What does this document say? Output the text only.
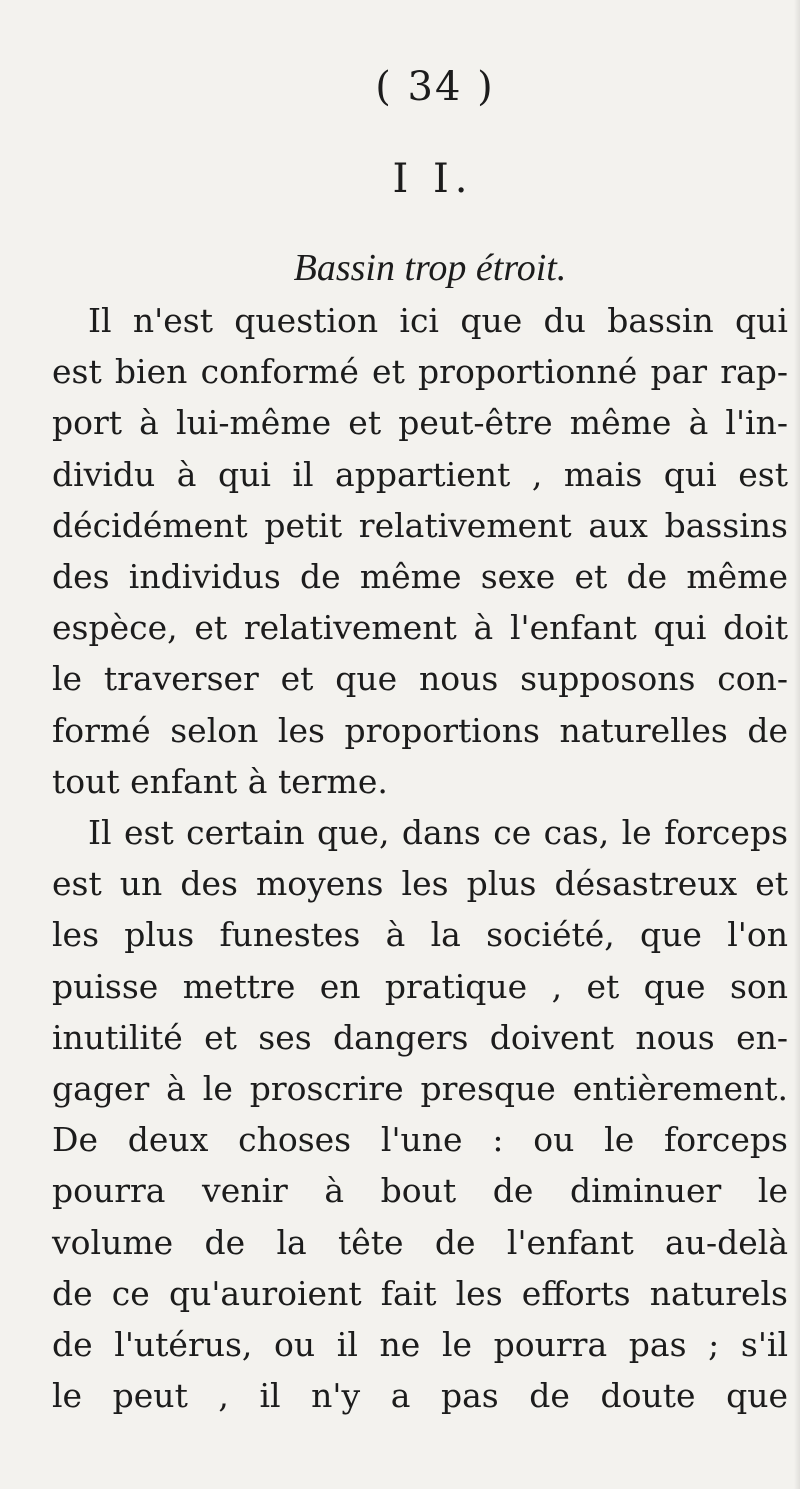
( 34 )
I I.
Bassin trop étroit.
Il n'est question ici que du bassin qui
est bien conformé et proportionné par rap-
port à lui-même et peut-être même à l'in-
dividu à qui il appartient , mais qui est
décidément petit relativement aux bassins
des individus de même sexe et de même
espèce, et relativement à l'enfant qui doit
le traverser et que nous supposons con-
formé selon les proportions naturelles de
tout enfant à terme.
Il est certain que, dans ce cas, le forceps
est un des moyens les plus désastreux et
les plus funestes à la société, que l'on
puisse mettre en pratique , et que son
inutilité et ses dangers doivent nous en-
gager à le proscrire presque entièrement.
De deux choses l'une : ou le forceps
pourra venir à bout de diminuer le
volume de la tête de l'enfant au-delà
de ce qu'auroient fait les efforts naturels
de l'utérus, ou il ne le pourra pas ; s'il
le peut , il n'y a pas de doute que
